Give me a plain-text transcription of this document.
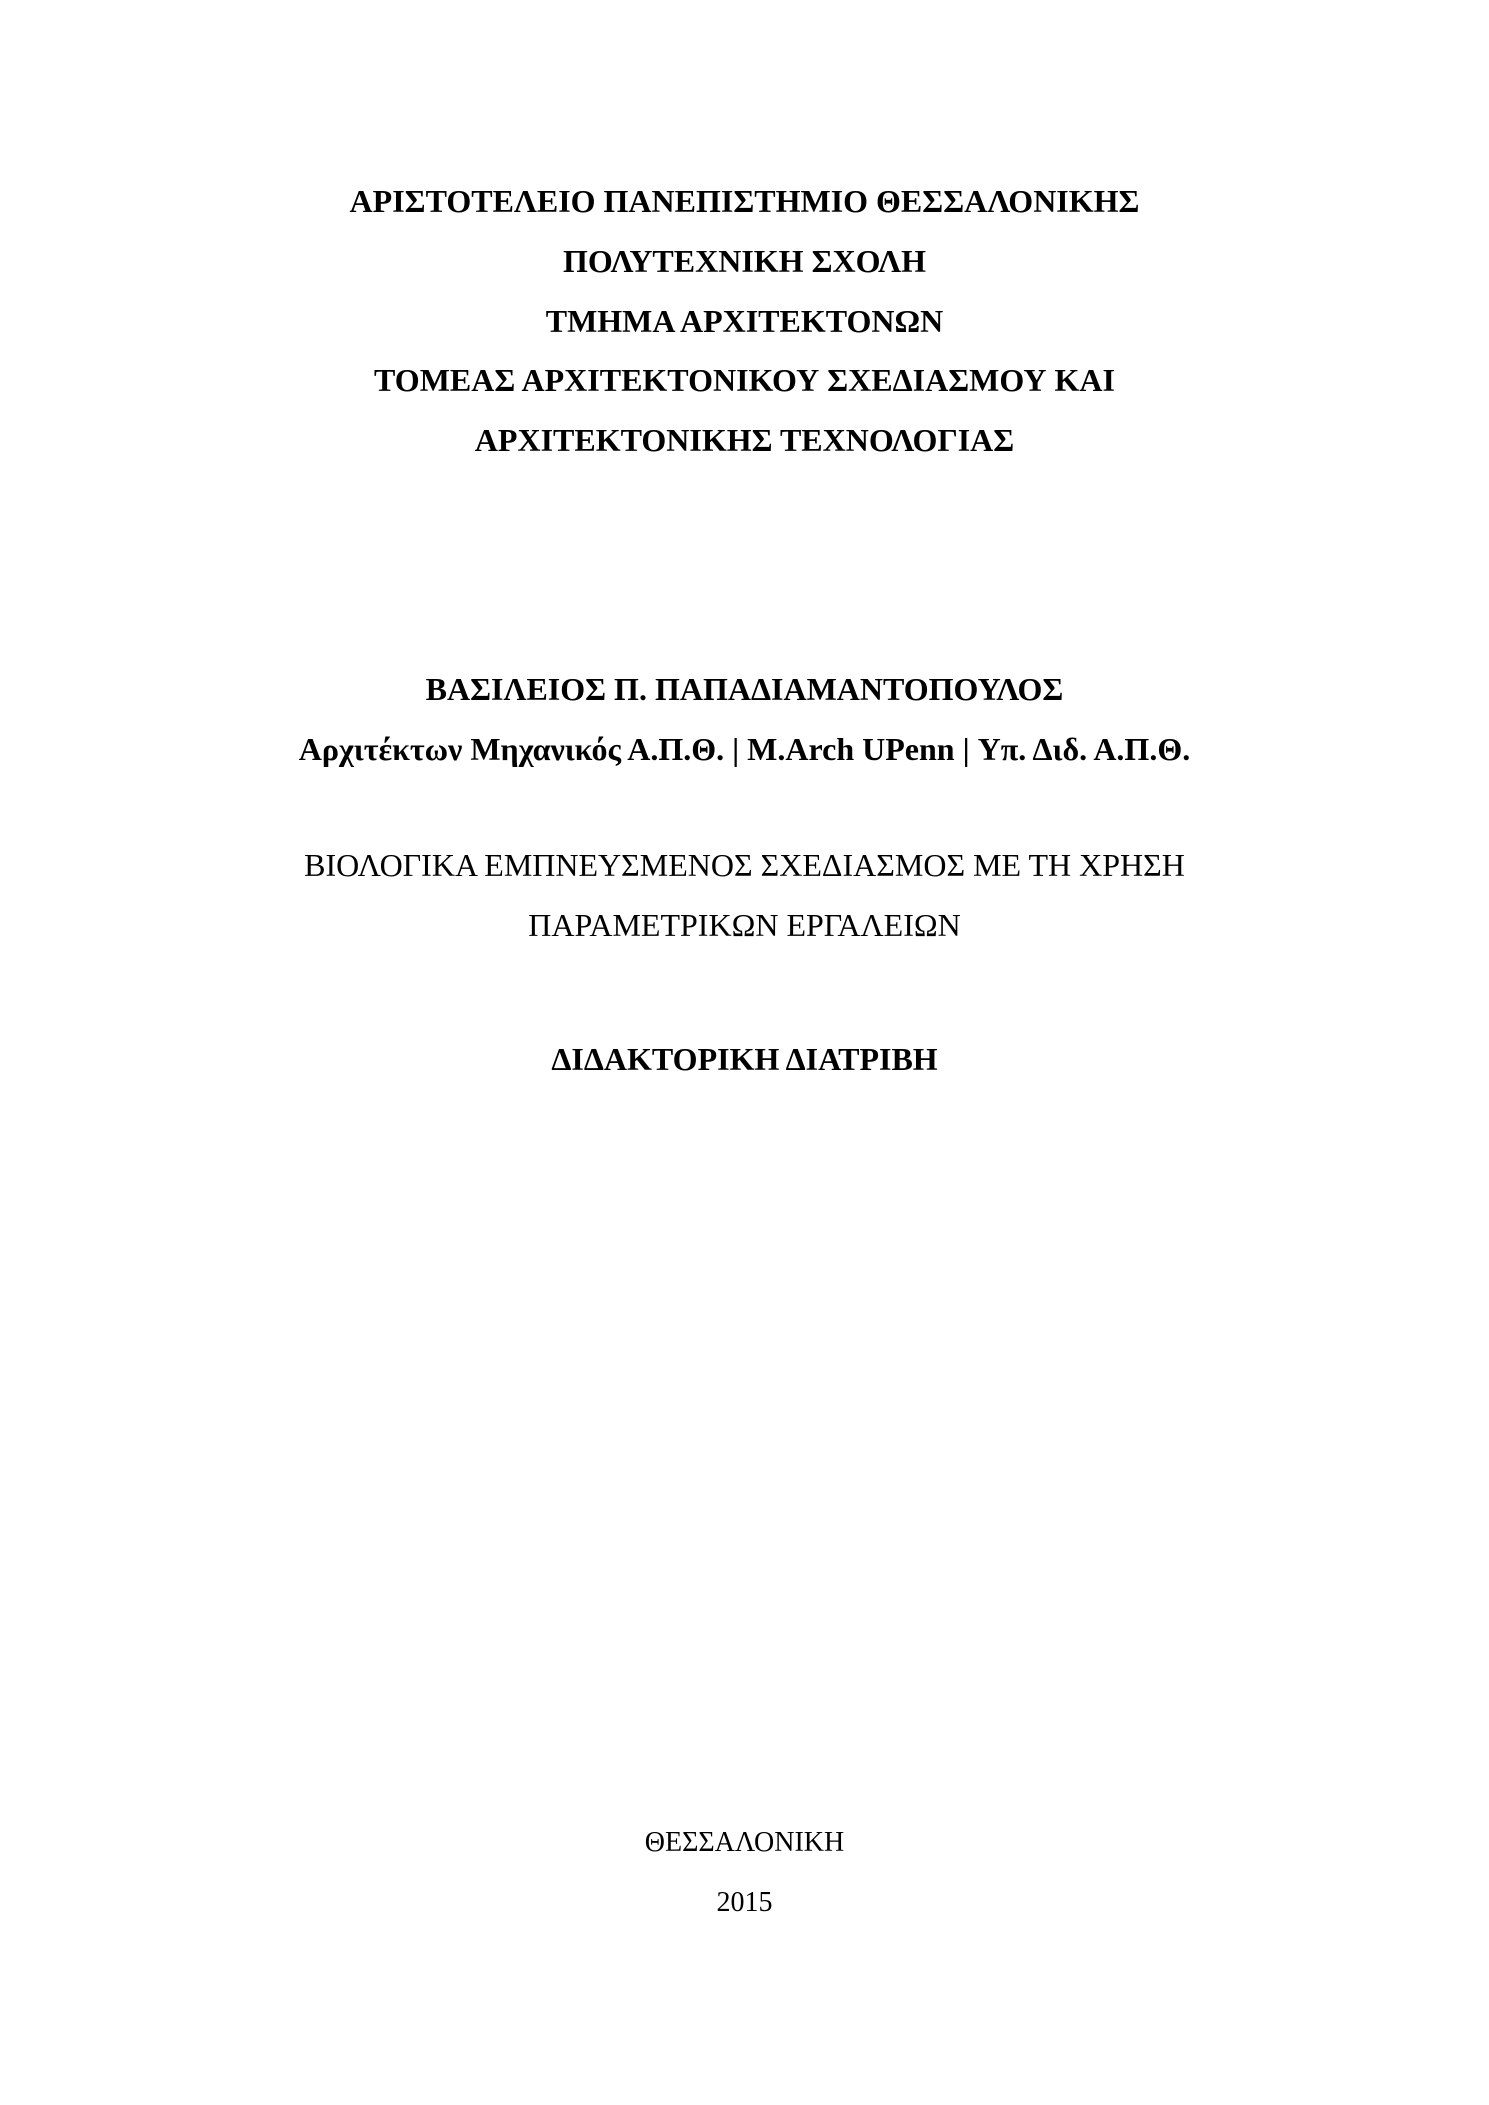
ΑΡΙΣΤΟΤΕΛΕΙΟ ΠΑΝΕΠΙΣΤΗΜΙΟ ΘΕΣΣΑΛΟΝΙΚΗΣ
ΠΟΛΥΤΕΧΝΙΚΗ ΣΧΟΛΗ
ΤΜΗΜΑ ΑΡΧΙΤΕΚΤΟΝΩΝ
ΤΟΜΕΑΣ ΑΡΧΙΤΕΚΤΟΝΙΚΟΥ ΣΧΕΔΙΑΣΜΟΥ ΚΑΙ
ΑΡΧΙΤΕΚΤΟΝΙΚΗΣ ΤΕΧΝΟΛΟΓΙΑΣ
ΒΑΣΙΛΕΙΟΣ Π. ΠΑΠΑΔΙΑΜΑΝΤΟΠΟΥΛΟΣ
Αρχιτέκτων Μηχανικός Α.Π.Θ. | M.Arch UPenn | Υπ. Διδ. Α.Π.Θ.
ΒΙΟΛΟΓΙΚΑ ΕΜΠΝΕΥΣΜΕΝΟΣ ΣΧΕΔΙΑΣΜΟΣ ΜΕ ΤΗ ΧΡΗΣΗ
ΠΑΡΑΜΕΤΡΙΚΩΝ ΕΡΓΑΛΕΙΩΝ
ΔΙΔΑΚΤΟΡΙΚΗ ΔΙΑΤΡΙΒΗ
ΘΕΣΣΑΛΟΝΙΚΗ
2015
